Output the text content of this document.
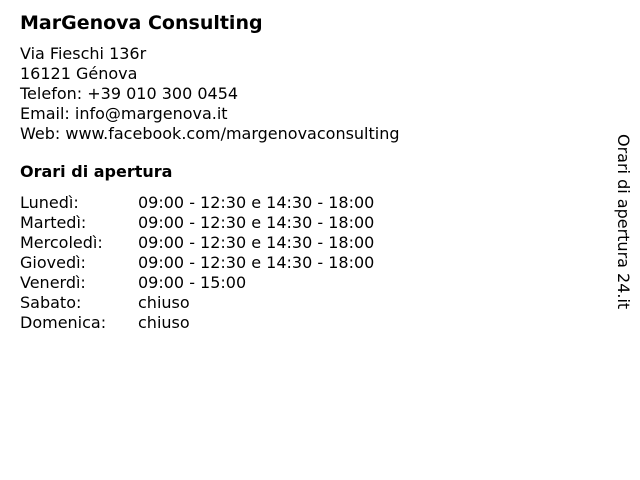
MarGenova Consulting
Via Fieschi 136r
16121 Génova
Telefon: +39 010 300 0454
Email: info@margenova.it
Web: www.facebook.com/margenovaconsulting
Orari di apertura
Lunedì:	09:00 - 12:30 e 14:30 - 18:00
Martedì:	09:00 - 12:30 e 14:30 - 18:00
Mercoledì:	09:00 - 12:30 e 14:30 - 18:00
Giovedì:	09:00 - 12:30 e 14:30 - 18:00
Venerdì:	09:00 - 15:00
Sabato:	chiuso
Domenica:	chiuso
Orari di apertura 24.it
